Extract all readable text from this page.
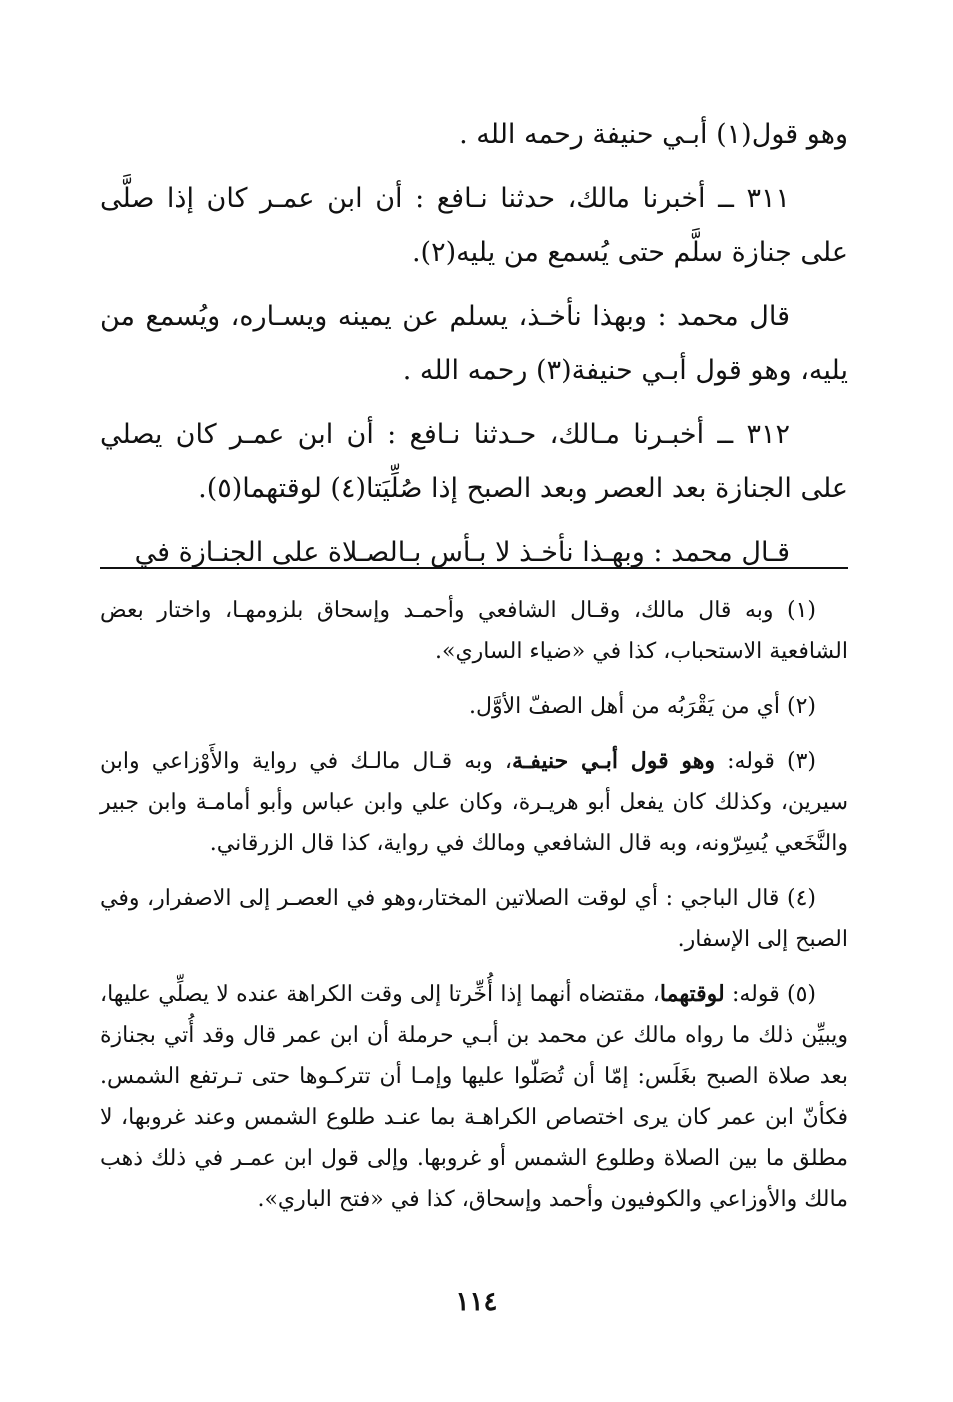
وهو قول(١) أبـي حنيفة رحمه الله .

٣١١ ــ أخبرنا مالك، حدثنا نـافع : أن ابن عمـر كان إذا صلَّى على جنازة سلَّم حتى يُسمع من يليه(٢).

قال محمد : وبهذا نأخـذ، يسلم عن يمينه ويسـاره، ويُسمع من يليه، وهو قول أبـي حنيفة(٣) رحمه الله .

٣١٢ ــ أخبـرنا مـالك، حـدثنا نـافع : أن ابن عمـر كان يصلي على الجنازة بعد العصر وبعد الصبح إذا صُلِّيَتا(٤) لوقتهما(٥).

قـال محمد : وبهـذا نأخـذ لا بـأس بـالصـلاة على الجنـازة في

(١) وبه قال مالك، وقـال الشافعي وأحمـد وإسحاق بلزومهـا، واختار بعض الشافعية الاستحباب، كذا في «ضياء الساري».

(٢) أي من يَقْرَبُه من أهل الصفّ الأوَّل.

(٣) قوله: وهو قول أبـي حنيفـة، وبه قـال مالـك في رواية والأَوْزاعي وابن سيرين، وكذلك كان يفعل أبو هريـرة، وكان علي وابن عباس وأبو أمامـة وابن جبير والنَّخَعي يُسِرّونه، وبه قال الشافعي ومالك في رواية، كذا قال الزرقاني.

(٤) قال الباجي : أي لوقت الصلاتين المختار،وهو في العصـر إلى الاصفرار، وفي الصبح إلى الإسفار.

(٥) قوله: لوقتهما، مقتضاه أنهما إذا أُخِّرتا إلى وقت الكراهة عنده لا يصلِّي عليها، ويبيِّن ذلك ما رواه مالك عن محمد بن أبـي حرملة أن ابن عمر قال وقد أُتي بجنازة بعد صلاة الصبح بغَلَس: إمّا أن تُصَلّوا عليها وإمـا أن تتركـوها حتى تـرتفع الشمس. فكأنّ ابن عمر كان يرى اختصاص الكراهـة بما عنـد طلوع الشمس وعند غروبها، لا مطلق ما بين الصلاة وطلوع الشمس أو غروبها. وإلى قول ابن عمـر في ذلك ذهب مالك والأوزاعي والكوفيون وأحمد وإسحاق، كذا في «فتح الباري».

١١٤
